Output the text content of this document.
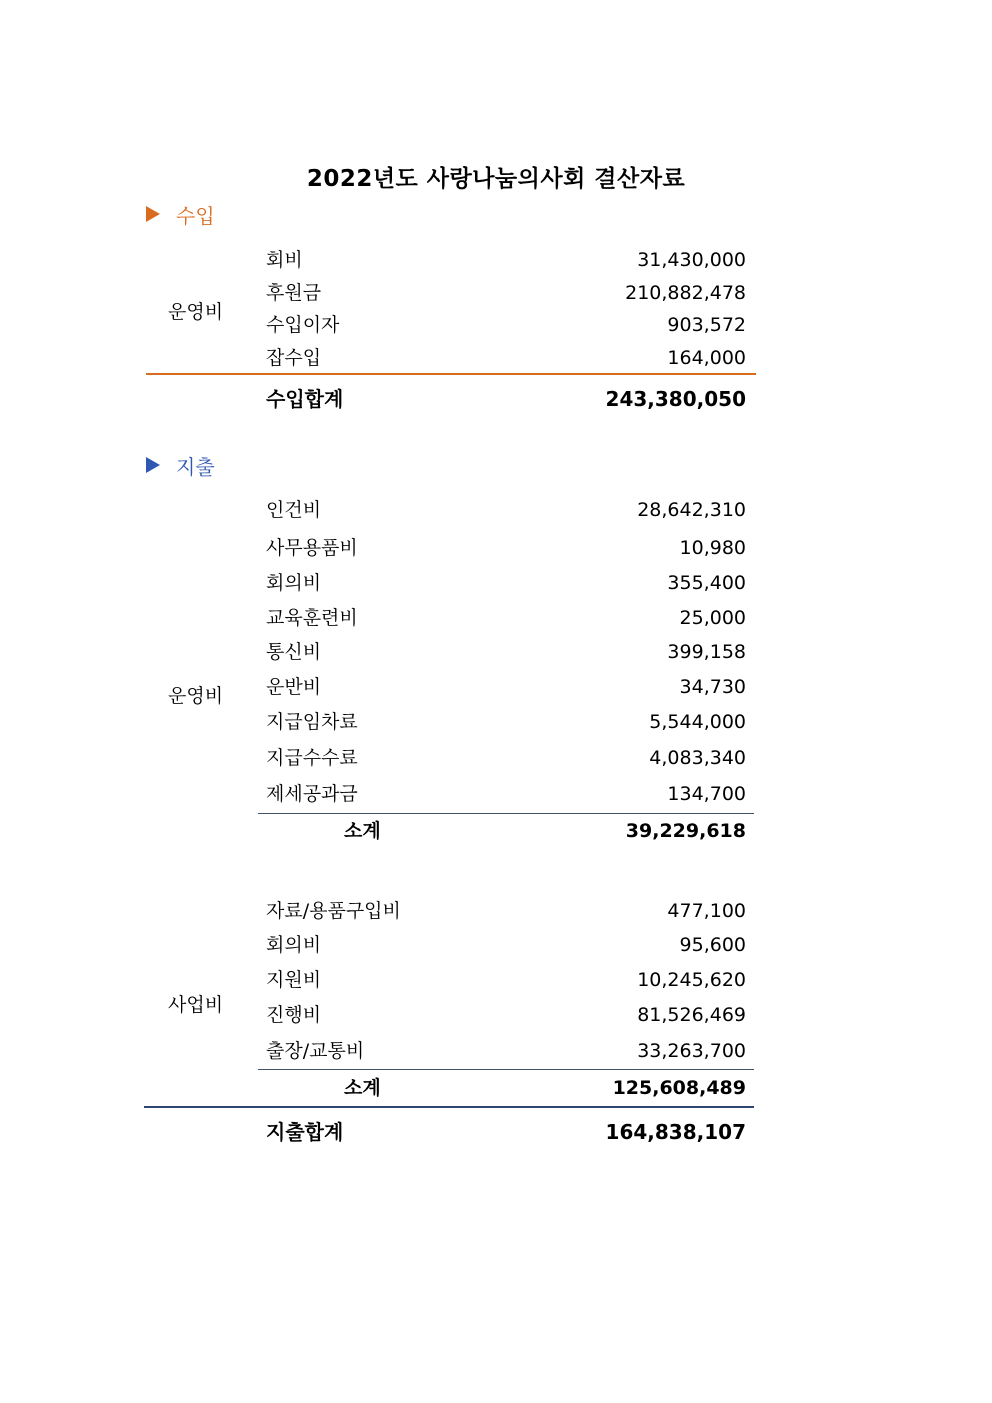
2022년도 사랑나눔의사회 결산자료
수입
운영비
회비	31,430,000
후원금	210,882,478
수입이자	903,572
잡수입	164,000
수입합계	243,380,050
지출
운영비
인건비	28,642,310
사무용품비	10,980
회의비	355,400
교육훈련비	25,000
통신비	399,158
운반비	34,730
지급임차료	5,544,000
지급수수료	4,083,340
제세공과금	134,700
소계	39,229,618
사업비
자료/용품구입비	477,100
회의비	95,600
지원비	10,245,620
진행비	81,526,469
출장/교통비	33,263,700
소계	125,608,489
지출합계	164,838,107
